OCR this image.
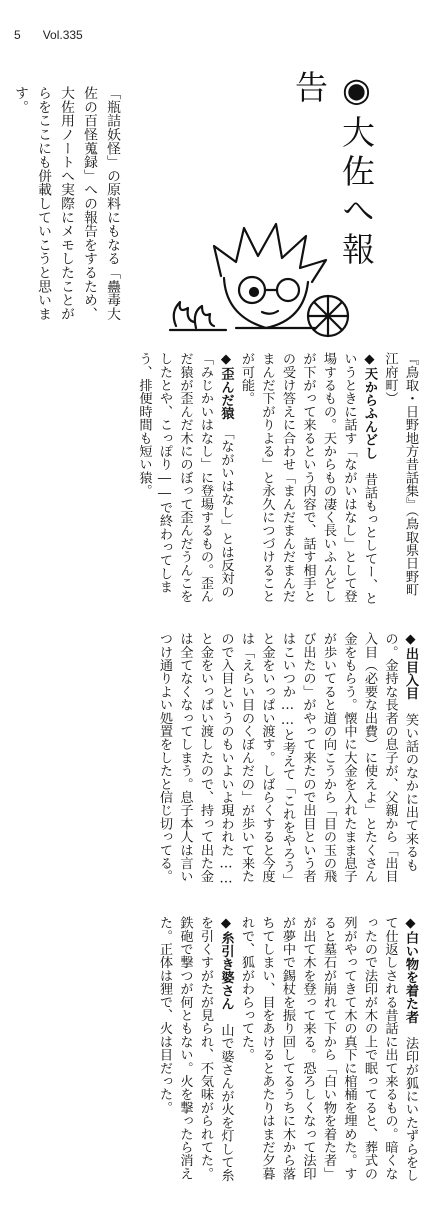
5 Vol.335
◉大佐へ報告
「瓶詰妖怪」の原料にもなる「蠱毒大佐の百怪蒐録」への報告をするため、大佐用ノートへ実際にメモしたことがらをここにも併載していこうと思います。

『鳥取・日野地方昔話集』（鳥取県日野町 江府町）

◆天からふんどし　昔話もっとしてー、というときに話す「ながいはなし」として登場するもの。天からもの凄く長いふんどしが下がって来るという内容で、話す相手との受け答えに合わせ「まんだまんだまんだまんだ下がりよる」と永久につづけることが可能。

◆歪んだ猿　「ながいはなし」とは反対の「みじかいはなし」に登場するもの。歪んだ猿が歪んだ木にのぼって歪んだうんこをしたとや、こっぽり――で終わってしまう、排便時間も短い猿。

◆出目入目　笑い話のなかに出て来るもの。金持な長者の息子が、父親から「出目入目（必要な出費）に使えよ」とたくさん金をもらう。懐中に大金を入れたまま息子が歩いてると道の向こうから「目の玉の飛び出たの」がやって来たので出目という者はこいつか……と考えて「これをやろう」と金をいっぱい渡す。しばらくすると今度は「えらい目のくぼんだの」が歩いて来たので入目というのもいよいよ現われた……と金をいっぱい渡したので、持って出た金は全てなくなってしまう。息子本人は言いつけ通りよい処置をしたと信じ切ってる。

◆白い物を着た者　法印が狐にいたずらをして仕返しされる昔話に出て来るもの。暗くなったので法印が木の上で眠ってると、葬式の列がやってきて木の真下に棺桶を埋めた。すると墓石が崩れて下から「白い物を着た者」が出て木を登って来る。恐ろしくなって法印が夢中で錫杖を振り回してるうちに木から落ちてしまい、目をあけるとあたりはまだ夕暮れで、狐がわらってた。

◆糸引き婆さん　山で婆さんが火を灯して糸を引くすがたが見られ、不気味がられてた。鉄砲で撃つが何ともない。火を撃ったら消えた。正体は狸で、火は目だった。
